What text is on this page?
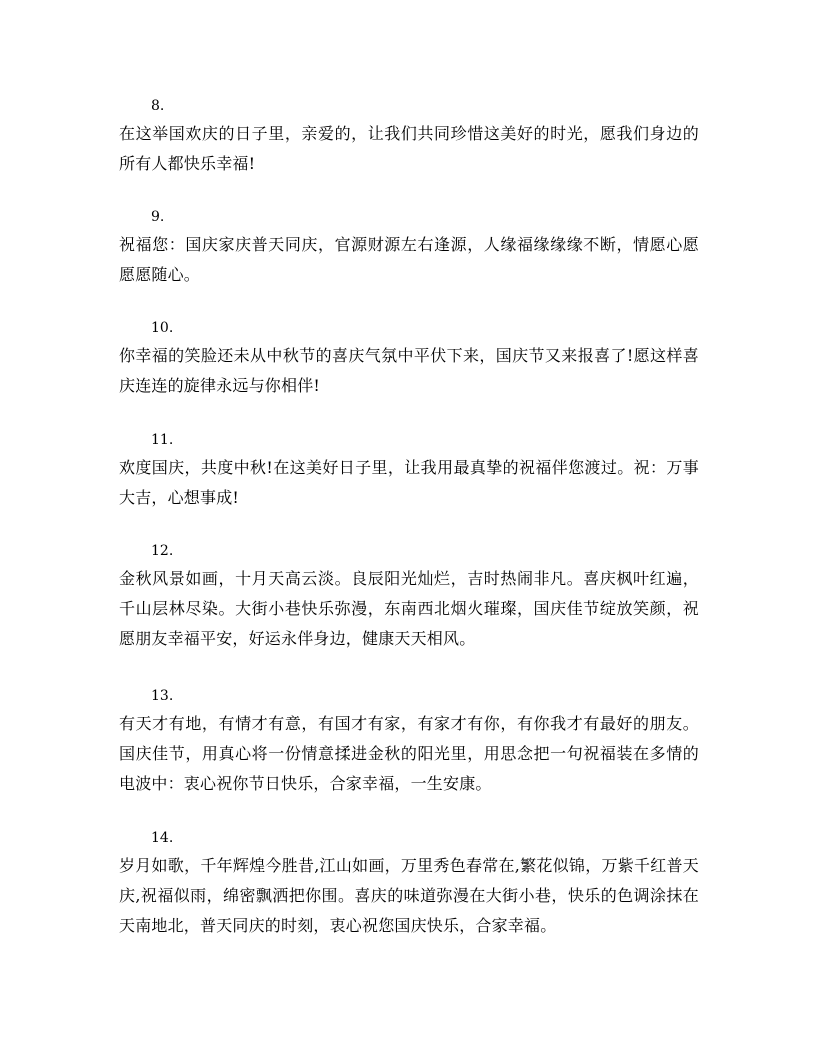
8.
在这举国欢庆的日子里，亲爱的，让我们共同珍惜这美好的时光，愿我们身边的所有人都快乐幸福!
9.
祝福您：国庆家庆普天同庆，官源财源左右逢源，人缘福缘缘缘不断，情愿心愿愿愿随心。
10.
你幸福的笑脸还未从中秋节的喜庆气氛中平伏下来，国庆节又来报喜了!愿这样喜庆连连的旋律永远与你相伴!
11.
欢度国庆，共度中秋!在这美好日子里，让我用最真挚的祝福伴您渡过。祝：万事大吉，心想事成!
12.
金秋风景如画，十月天高云淡。良辰阳光灿烂，吉时热闹非凡。喜庆枫叶红遍，千山层林尽染。大街小巷快乐弥漫，东南西北烟火璀璨，国庆佳节绽放笑颜，祝愿朋友幸福平安，好运永伴身边，健康天天相风。
13.
有天才有地，有情才有意，有国才有家，有家才有你，有你我才有最好的朋友。国庆佳节，用真心将一份情意揉进金秋的阳光里，用思念把一句祝福装在多情的电波中：衷心祝你节日快乐，合家幸福，一生安康。
14.
岁月如歌，千年辉煌今胜昔,江山如画，万里秀色春常在,繁花似锦，万紫千红普天庆,祝福似雨，绵密飘洒把你围。喜庆的味道弥漫在大街小巷，快乐的色调涂抹在天南地北，普天同庆的时刻，衷心祝您国庆快乐，合家幸福。
